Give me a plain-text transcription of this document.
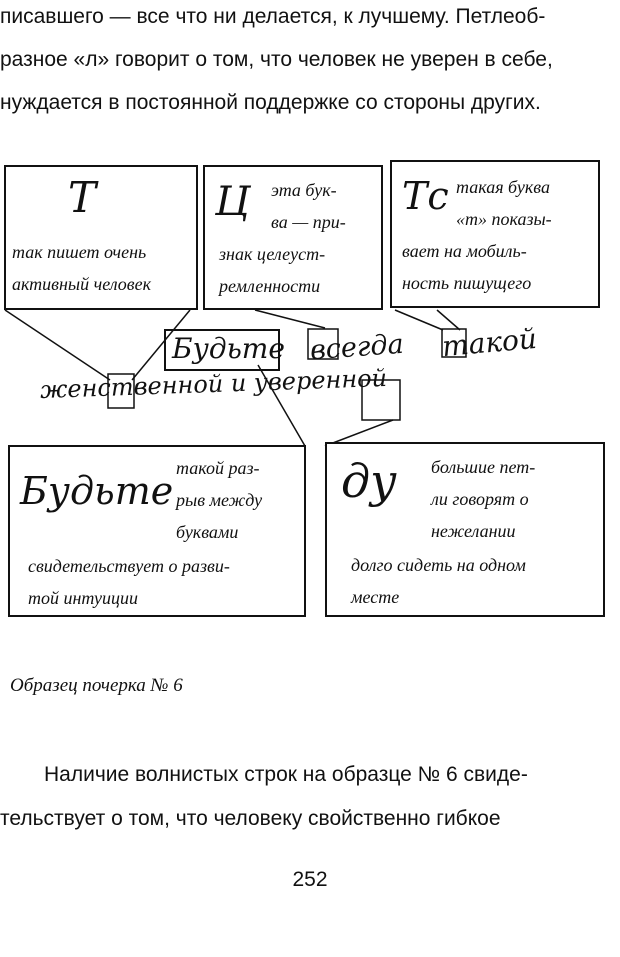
писавшего — все что ни делается, к лучшему. Петлеоб-
разное «л» говорит о том, что человек не уверен в себе,
нуждается в постоянной поддержке со стороны других.
Т
так пишет очень
активный человек
Ц эта бук-
ва — при-
знак целеуст-
ремленности
Тс такая буква
«т» показы-
вает на мобиль-
ность пишущего
Будьте всегда такой
женственной и уверенной
Будьте
такой раз-
рыв между
буквами
свидетельствует о разви-
той интуиции
ду большие пет-
ли говорят о
нежелании
долго сидеть на одном
месте
Образец почерка № 6
Наличие волнистых строк на образце № 6 свиде-
тельствует о том, что человеку свойственно гибкое
252
